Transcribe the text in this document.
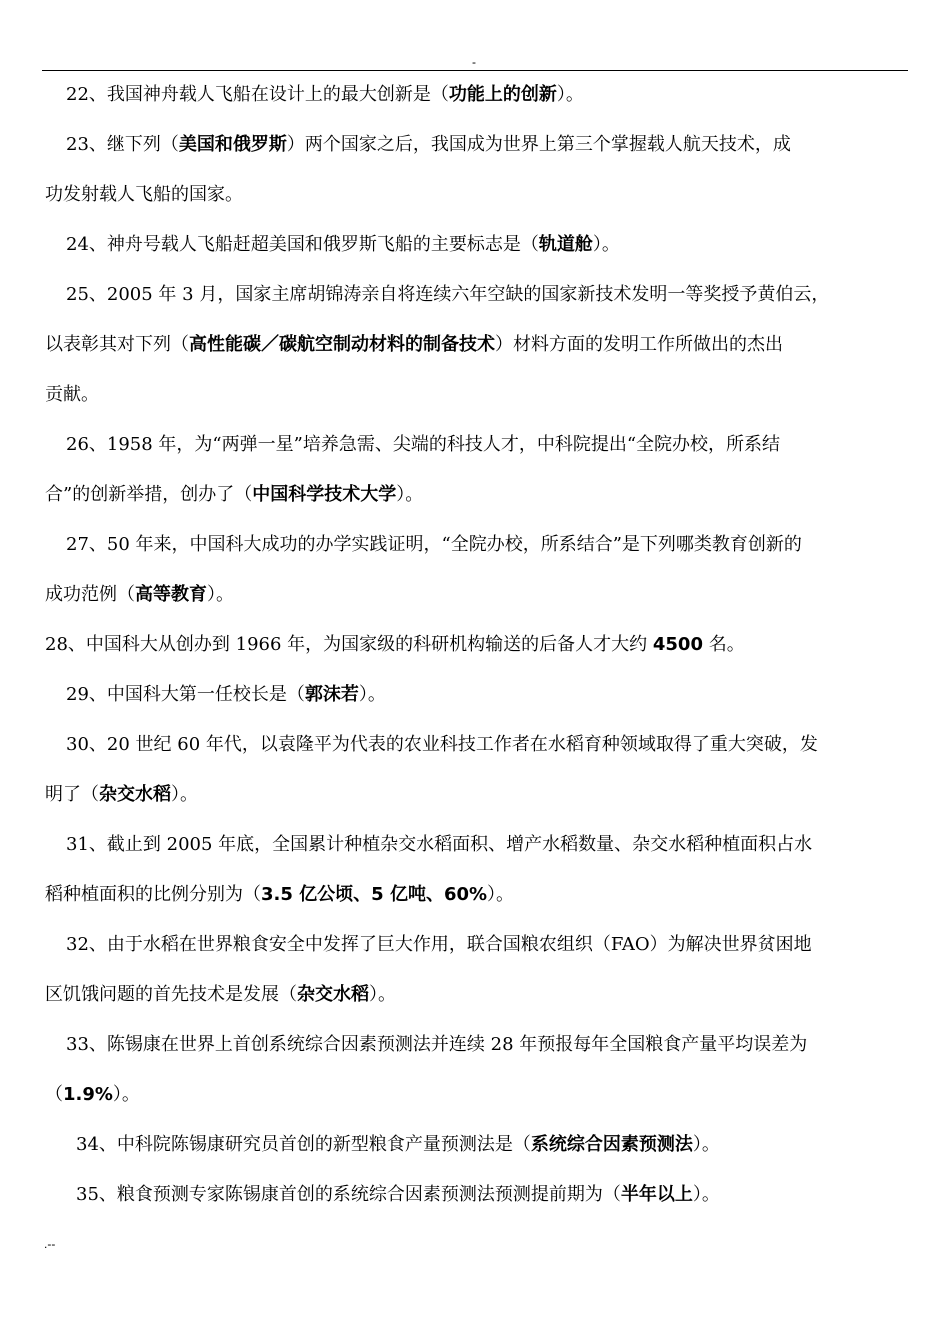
-
22、我国神舟载人飞船在设计上的最大创新是（功能上的创新）。
23、继下列（美国和俄罗斯）两个国家之后，我国成为世界上第三个掌握载人航天技术，成
功发射载人飞船的国家。
24、神舟号载人飞船赶超美国和俄罗斯飞船的主要标志是（轨道舱）。
25、2005 年 3 月，国家主席胡锦涛亲自将连续六年空缺的国家新技术发明一等奖授予黄伯云，
以表彰其对下列（高性能碳／碳航空制动材料的制备技术）材料方面的发明工作所做出的杰出
贡献。
26、1958 年，为“两弹一星”培养急需、尖端的科技人才，中科院提出“全院办校，所系结
合”的创新举措，创办了（中国科学技术大学）。
27、50 年来，中国科大成功的办学实践证明，“全院办校，所系结合”是下列哪类教育创新的
成功范例（高等教育）。
28、中国科大从创办到 1966 年，为国家级的科研机构输送的后备人才大约 4500 名。
29、中国科大第一任校长是（郭沫若）。
30、20 世纪 60 年代，以袁隆平为代表的农业科技工作者在水稻育种领域取得了重大突破，发
明了（杂交水稻）。
31、截止到 2005 年底，全国累计种植杂交水稻面积、增产水稻数量、杂交水稻种植面积占水
稻种植面积的比例分别为（3.5 亿公顷、5 亿吨、60%）。
32、由于水稻在世界粮食安全中发挥了巨大作用，联合国粮农组织（FAO）为解决世界贫困地
区饥饿问题的首先技术是发展（杂交水稻）。
33、陈锡康在世界上首创系统综合因素预测法并连续 28 年预报每年全国粮食产量平均误差为
（1.9%）。
34、中科院陈锡康研究员首创的新型粮食产量预测法是（系统综合因素预测法）。
35、粮食预测专家陈锡康首创的系统综合因素预测法预测提前期为（半年以上）。
.--
